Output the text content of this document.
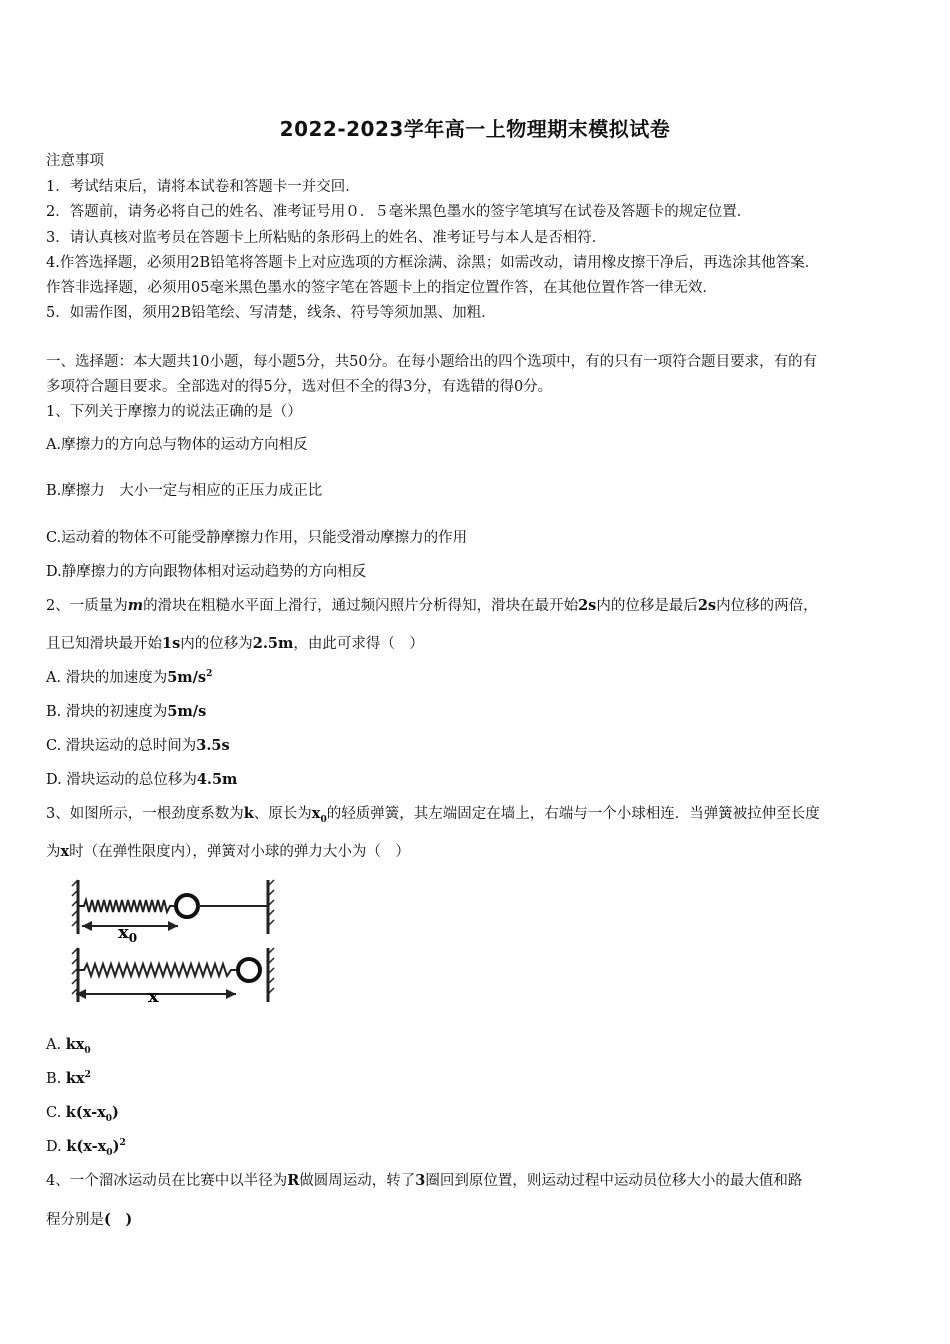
2022-2023学年高一上物理期末模拟试卷
注意事项
1．考试结束后，请将本试卷和答题卡一并交回．
2．答题前，请务必将自己的姓名、准考证号用０．５毫米黑色墨水的签字笔填写在试卷及答题卡的规定位置．
3．请认真核对监考员在答题卡上所粘贴的条形码上的姓名、准考证号与本人是否相符．
4.作答选择题，必须用2B铅笔将答题卡上对应选项的方框涂满、涂黑；如需改动，请用橡皮擦干净后，再选涂其他答案．
作答非选择题，必须用05毫米黑色墨水的签字笔在答题卡上的指定位置作答，在其他位置作答一律无效．
5．如需作图，须用2B铅笔绘、写清楚，线条、符号等须加黑、加粗．
一、选择题：本大题共10小题，每小题5分，共50分。在每小题给出的四个选项中，有的只有一项符合题目要求，有的有
多项符合题目要求。全部选对的得5分，选对但不全的得3分，有选错的得0分。
1、下列关于摩擦力的说法正确的是（）
A.摩擦力的方向总与物体的运动方向相反
B.摩擦力　大小一定与相应的正压力成正比
C.运动着的物体不可能受静摩擦力作用，只能受滑动摩擦力的作用
D.静摩擦力的方向跟物体相对运动趋势的方向相反
2、一质量为m的滑块在粗糙水平面上滑行，通过频闪照片分析得知，滑块在最开始2s内的位移是最后2s内位移的两倍，
且已知滑块最开始1s内的位移为2.5m，由此可求得（　）
A. 滑块的加速度为$5m/s^2$
B. 滑块的初速度为5m/s
C. 滑块运动的总时间为3.5s
D. 滑块运动的总位移为4.5m
3、如图所示，一根劲度系数为k、原长为$x_0$的轻质弹簧，其左端固定在墙上，右端与一个小球相连．当弹簧被拉伸至长度
为x时（在弹性限度内），弹簧对小球的弹力大小为（　）
$x_0$
x
A. $kx_0$
B. $kx^2$
C. $k(x-x_0)$
D. $k(x-x_0)^2$
4、一个溜冰运动员在比赛中以半径为R做圆周运动，转了3圈回到原位置，则运动过程中运动员位移大小的最大值和路
程分别是(　)
